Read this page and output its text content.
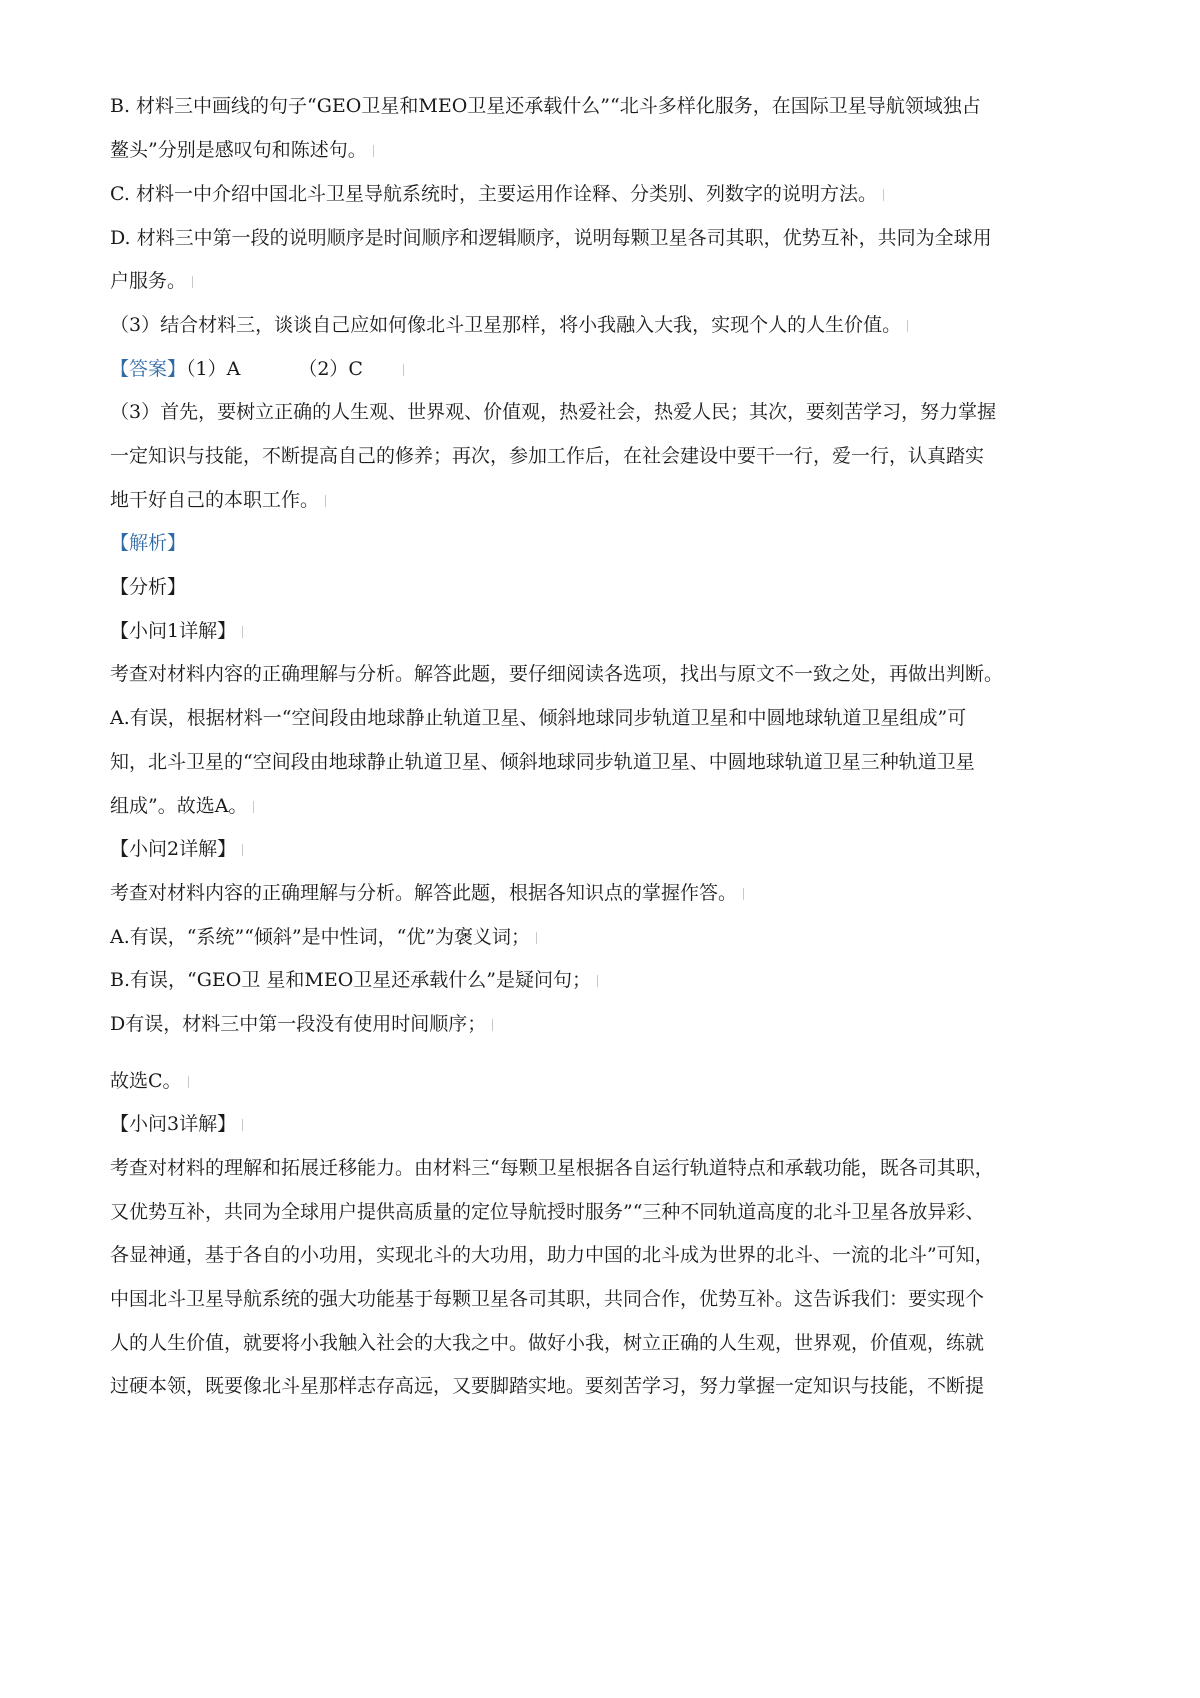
B. 材料三中画线的句子“GEO卫星和MEO卫星还承载什么”“北斗多样化服务，在国际卫星导航领域独占
鳌头”分别是感叹句和陈述句。
C. 材料一中介绍中国北斗卫星导航系统时，主要运用作诠释、分类别、列数字的说明方法。
D. 材料三中第一段的说明顺序是时间顺序和逻辑顺序，说明每颗卫星各司其职，优势互补，共同为全球用
户服务。
（3）结合材料三，谈谈自己应如何像北斗卫星那样，将小我融入大我，实现个人的人生价值。
【答案】（1）A	（2）C
（3）首先，要树立正确的人生观、世界观、价值观，热爱社会，热爱人民；其次，要刻苦学习，努力掌握
一定知识与技能，不断提高自己的修养；再次，参加工作后，在社会建设中要干一行，爱一行，认真踏实
地干好自己的本职工作。
【解析】
【分析】
【小问1详解】
考查对材料内容的正确理解与分析。解答此题，要仔细阅读各选项，找出与原文不一致之处，再做出判断。
A.有误，根据材料一“空间段由地球静止轨道卫星、倾斜地球同步轨道卫星和中圆地球轨道卫星组成”可
知，北斗卫星的“空间段由地球静止轨道卫星、倾斜地球同步轨道卫星、中圆地球轨道卫星三种轨道卫星
组成”。故选A。
【小问2详解】
考查对材料内容的正确理解与分析。解答此题，根据各知识点的掌握作答。
A.有误，“系统”“倾斜”是中性词，“优”为褒义词；
B.有误，“GEO卫 星和MEO卫星还承载什么”是疑问句；
D有误，材料三中第一段没有使用时间顺序；
故选C。
【小问3详解】
考查对材料的理解和拓展迁移能力。由材料三“每颗卫星根据各自运行轨道特点和承载功能，既各司其职，
又优势互补，共同为全球用户提供高质量的定位导航授时服务”“三种不同轨道高度的北斗卫星各放异彩、
各显神通，基于各自的小功用，实现北斗的大功用，助力中国的北斗成为世界的北斗、一流的北斗”可知，
中国北斗卫星导航系统的强大功能基于每颗卫星各司其职，共同合作，优势互补。这告诉我们：要实现个
人的人生价值，就要将小我触入社会的大我之中。做好小我，树立正确的人生观，世界观，价值观，练就
过硬本领，既要像北斗星那样志存高远，又要脚踏实地。要刻苦学习，努力掌握一定知识与技能，不断提
